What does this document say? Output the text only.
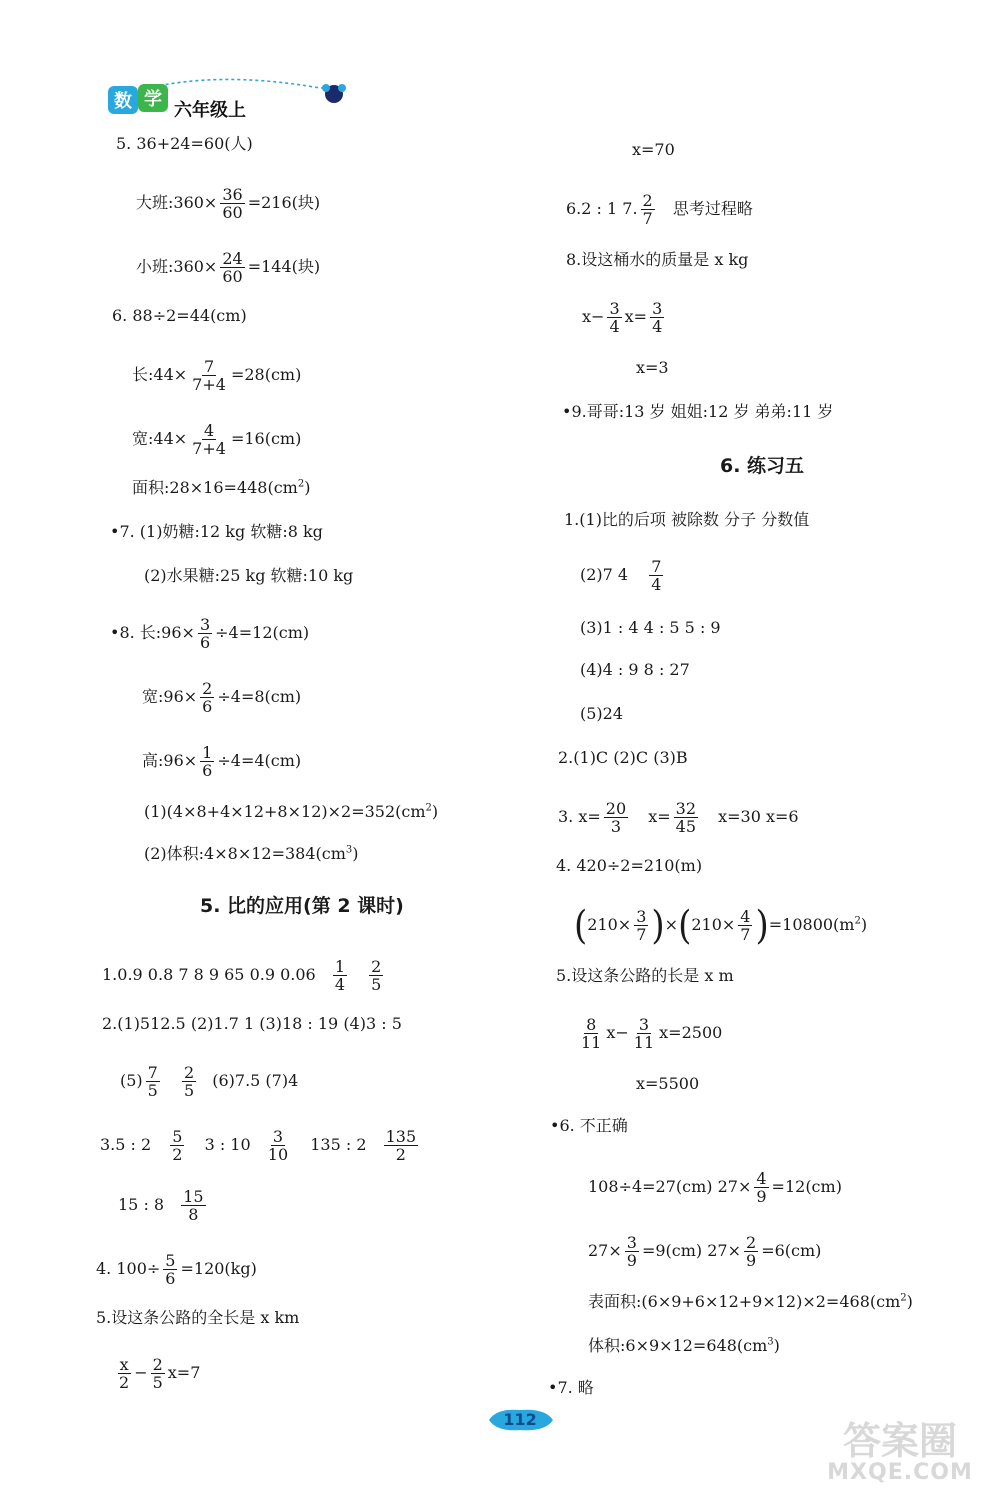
数 学
六年级上
5. 36+24=60(人)
大班:360× $\frac{36}{60} =216$(块)
小班:360× $\frac{24}{60} =144$(块)
6. 88÷2=44(cm)
长:44× $\frac{7}{7+4} =28(cm)$
宽:44× $\frac{4}{7+4} =16(cm)$
面积$:28\times 16=448(cm^2)$
•7. (1)奶糖:12 kg 软糖:8 kg
(2)水果糖:25 kg 软糖:10 kg
•8. 长:96× $\frac{3}{6} \div 4=12(cm)$
宽:96× $\frac{2}{6} \div 4=8(cm)$
高:96× $\frac{1}{6} \div 4=4(cm)$
$(1)(4\times 8+4\times 12+8\times 12)\times 2=352(cm^2)$
(2)体积$:4\times 8\times 12=384(cm^3)$
5. 比的应用(第 2 课时)
1.0.9 0.8 7 8 9 65 0.9 $0.06 \frac{1}{4}$
$\frac{2}{5}$
2.(1)512.5 (2)1.7 1 (3)18 : 19 (4)3 : 5
$(5) \frac{7}{5}$
$\frac{2}{5} (6)7.5$ (7)4
3.5 : $2 \frac{5}{2} 3$ : $10 \frac{3}{10} 135$ : $2 \frac{135}{2}$
15 : $8 \frac{15}{8}$
4. $100\div \frac{5}{6} =120(kg)$
5.设这条公路的全长是 x km
$\frac{x}{2} - \frac{2}{5} x=7$
x=70
6.2 : 1 7. $\frac{2}{7}$ 思考过程略
8.设这桶水的质量是 x kg
$x- \frac{3}{4} x= \frac{3}{4}$
x=3
•9.哥哥:13 岁 姐姐:12 岁 弟弟:11 岁
6. 练习五
1.(1)比的后项 被除数 分子 分数值
(2)7 $4 \frac{7}{4}$
(3)1 : 4 4 : 5 5 : 9
(4)4 : 9 8 : 27
(5)24
2.(1)C (2)C (3)B
3. $x= \frac{20}{3} x= \frac{32}{45} x=30$ x=6
4. 420÷2=210(m)
$(210\times \frac{3}{7} )\times(210\times \frac{4}{7} )=10800(m^2)$
5.设这条公路的长是 x m
$\frac{8}{11} x- \frac{3}{11} x=2500$
x=5500
•6. 不正确
108÷4=27(cm) $27\times \frac{4}{9} =12(cm)$
$27\times \frac{3}{9} =9(cm)$ $27\times \frac{2}{9} =6(cm)$
表面积$:(6\times 9+6\times 12+9\times 12)\times 2=468(cm^2)$
体积$:6\times 9\times 12=648(cm^3)$
•7. 略
112	答案圈
MXQE.COM
